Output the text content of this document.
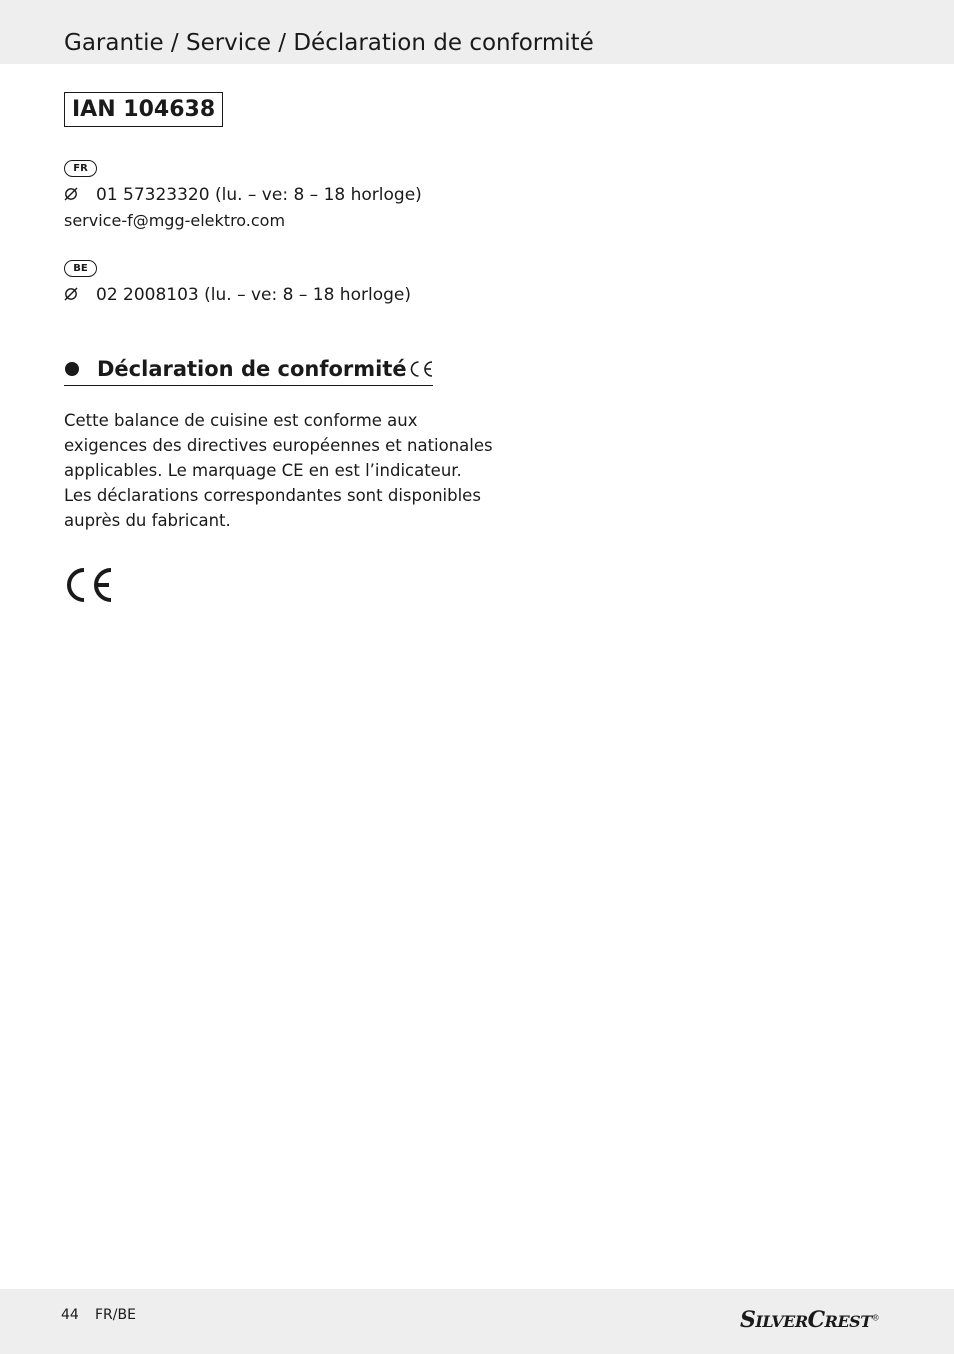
Garantie / Service / Déclaration de conformité
IAN 104638
FR
01 57323320 (lu. – ve: 8 – 18 horloge)
service-f@mgg-elektro.com
BE
02 2008103 (lu. – ve: 8 – 18 horloge)
Déclaration de conformité
Cette balance de cuisine est conforme aux
exigences des directives européennes et nationales
applicables. Le marquage CE en est l’indicateur.
Les déclarations correspondantes sont disponibles
auprès du fabricant.
44 FR/BE	SILVERCREST®
